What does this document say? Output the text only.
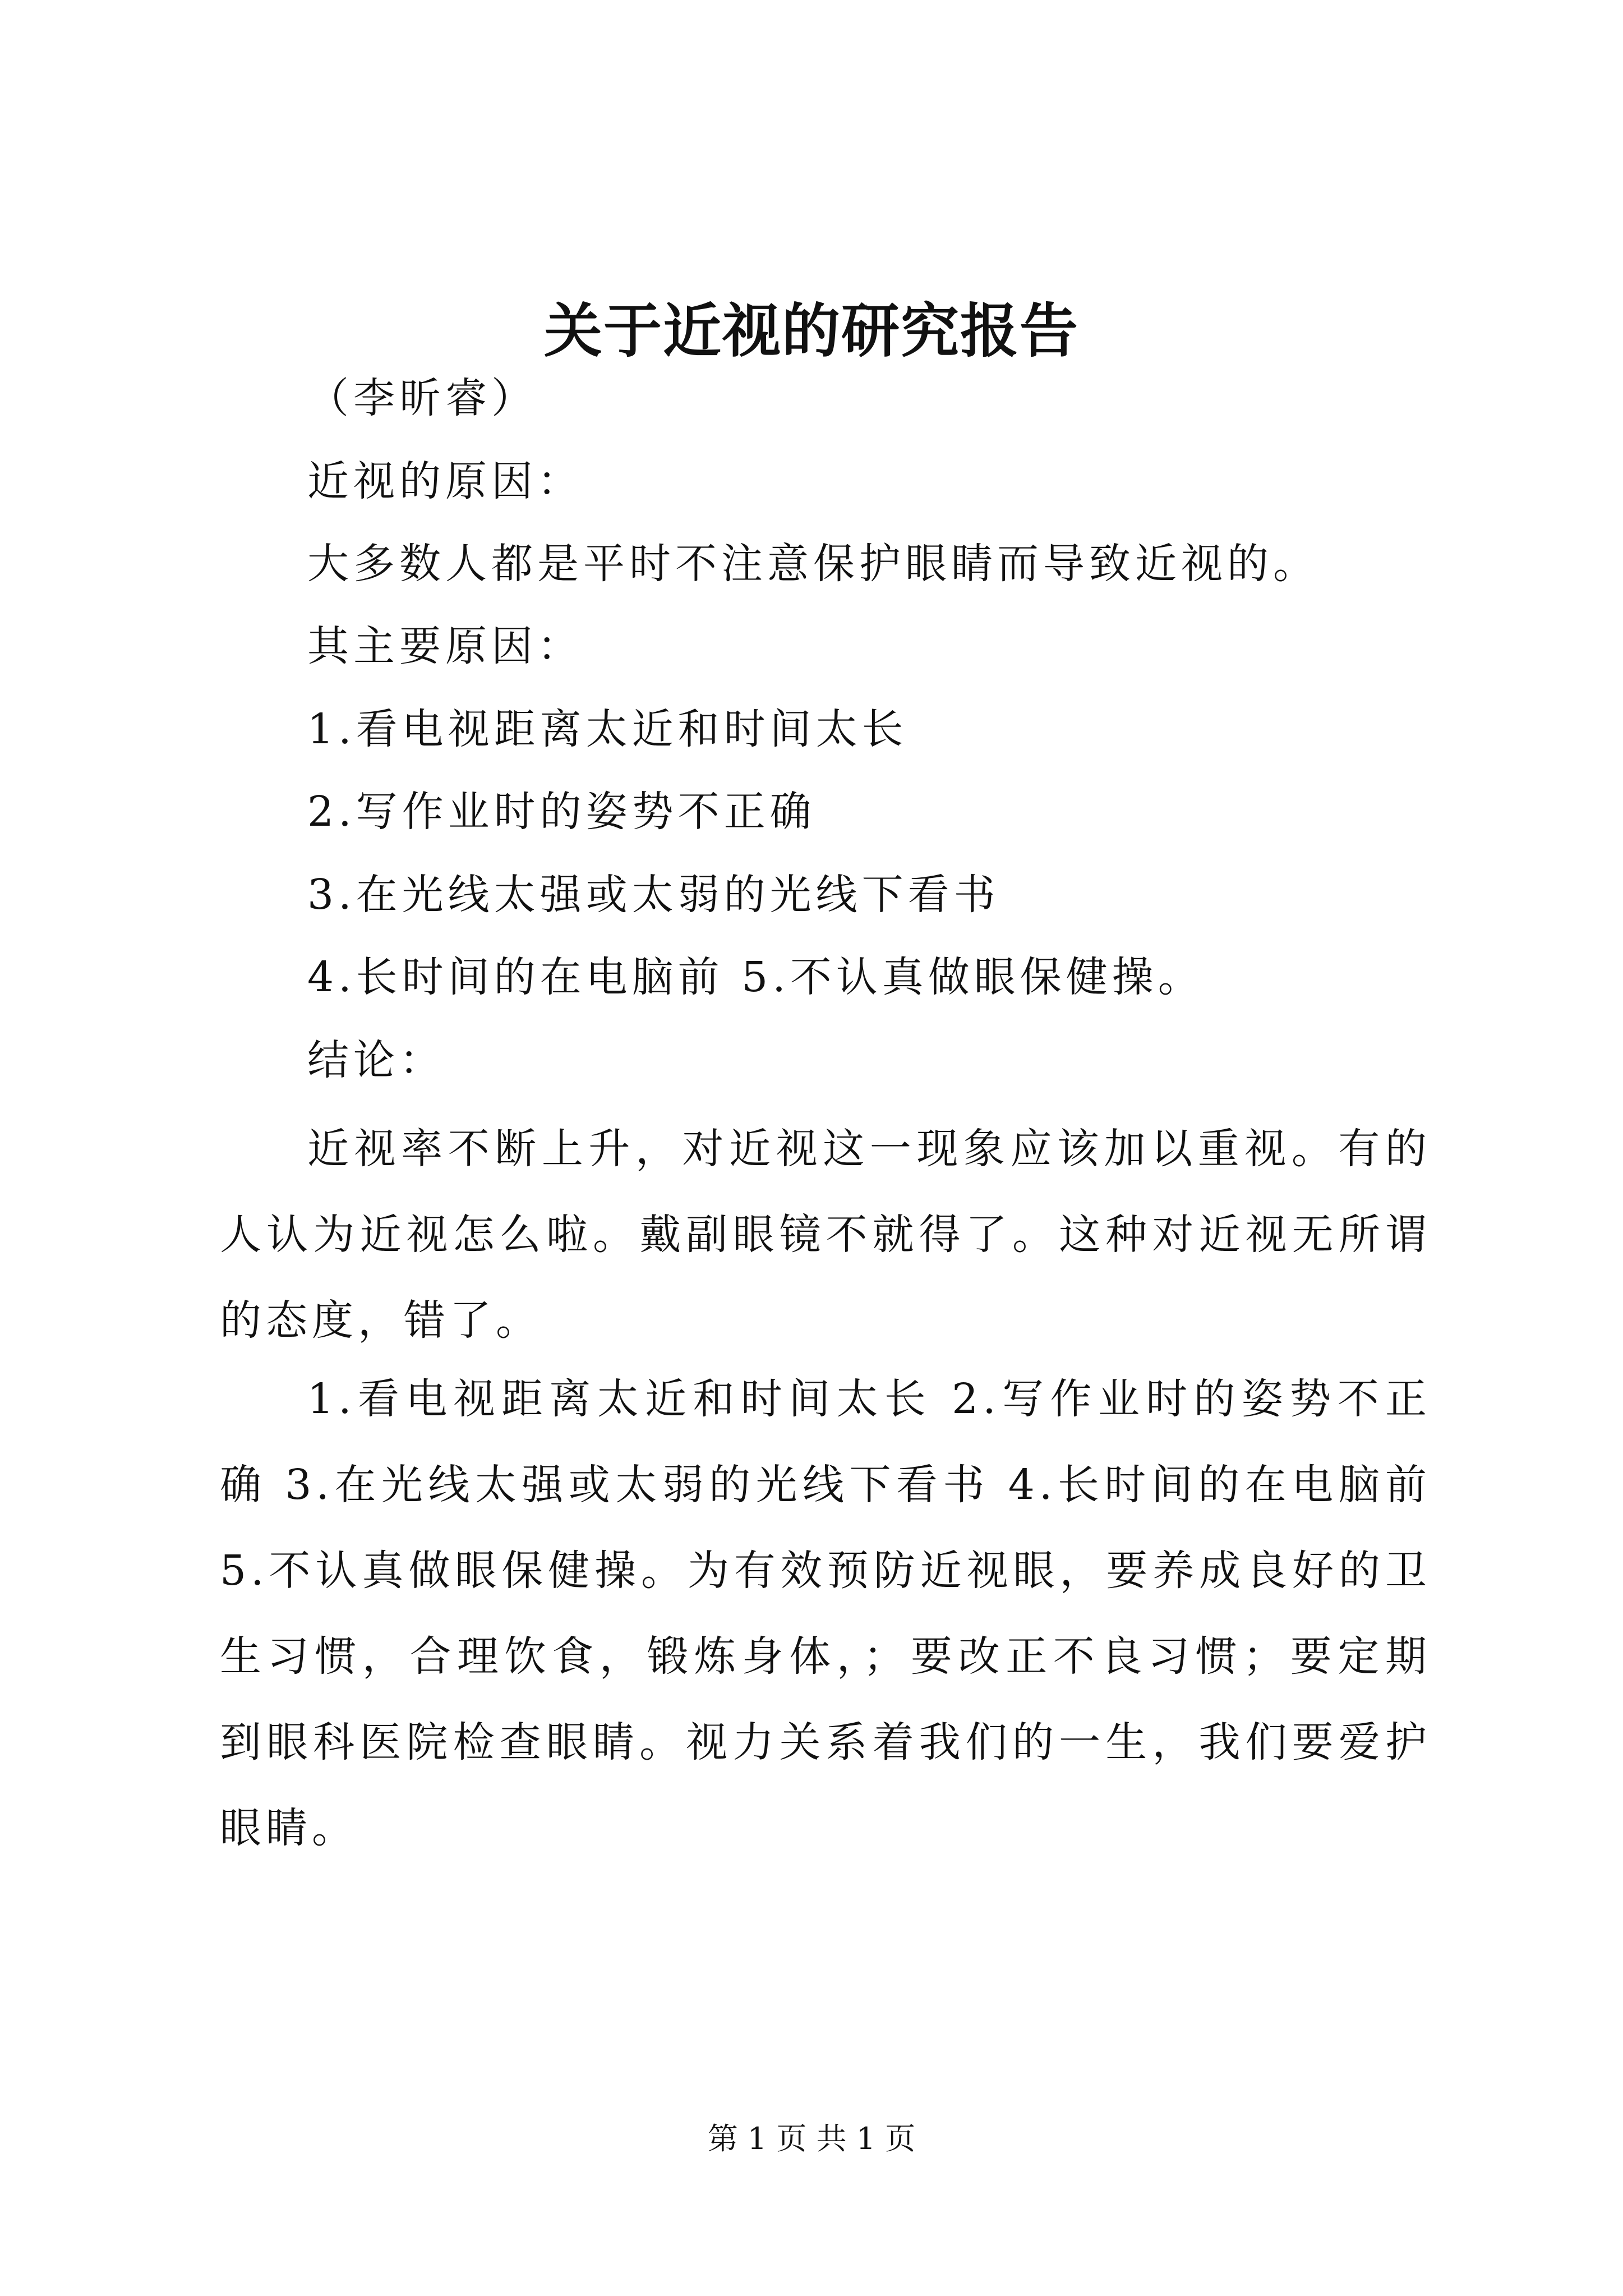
关于近视的研究报告
（李昕睿）
近视的原因：
大多数人都是平时不注意保护眼睛而导致近视的。
其主要原因：
1.看电视距离太近和时间太长
2.写作业时的姿势不正确
3.在光线太强或太弱的光线下看书
4.长时间的在电脑前 5.不认真做眼保健操。
结论：

近视率不断上升，对近视这一现象应该加以重视。有的人认为近视怎么啦。戴副眼镜不就得了。这种对近视无所谓的态度，错了。

1.看电视距离太近和时间太长 2.写作业时的姿势不正确 3.在光线太强或太弱的光线下看书 4.长时间的在电脑前 5.不认真做眼保健操。为有效预防近视眼，要养成良好的卫生习惯，合理饮食，锻炼身体，；要改正不良习惯；要定期到眼科医院检查眼睛。视力关系着我们的一生，我们要爱护眼睛。

第 1 页 共 1 页
